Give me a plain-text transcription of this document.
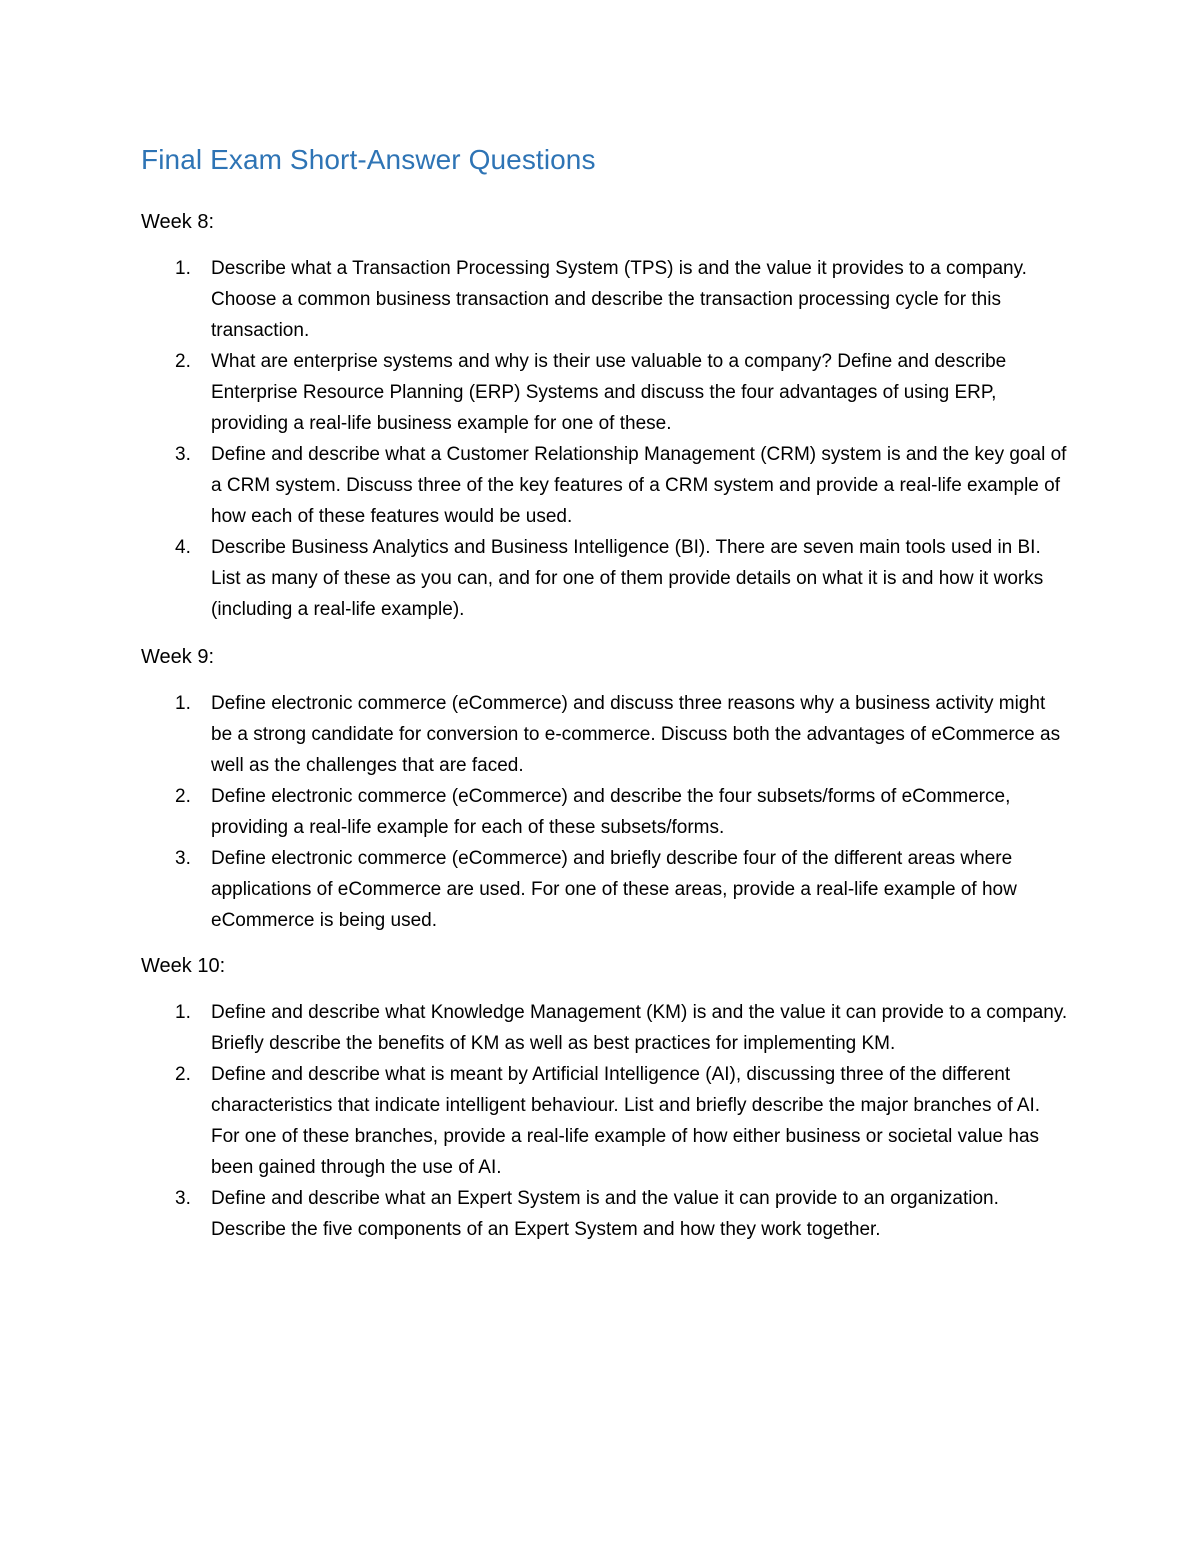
Final Exam Short-Answer Questions

Week 8:

1.	Describe what a Transaction Processing System (TPS) is and the value it provides to a company. Choose a common business transaction and describe the transaction processing cycle for this transaction.
2.	What are enterprise systems and why is their use valuable to a company? Define and describe Enterprise Resource Planning (ERP) Systems and discuss the four advantages of using ERP, providing a real-life business example for one of these.
3.	Define and describe what a Customer Relationship Management (CRM) system is and the key goal of a CRM system. Discuss three of the key features of a CRM system and provide a real-life example of how each of these features would be used.
4.	Describe Business Analytics and Business Intelligence (BI). There are seven main tools used in BI. List as many of these as you can, and for one of them provide details on what it is and how it works (including a real-life example).

Week 9:

1.	Define electronic commerce (eCommerce) and discuss three reasons why a business activity might be a strong candidate for conversion to e-commerce. Discuss both the advantages of eCommerce as well as the challenges that are faced.
2.	Define electronic commerce (eCommerce) and describe the four subsets/forms of eCommerce, providing a real-life example for each of these subsets/forms.
3.	Define electronic commerce (eCommerce) and briefly describe four of the different areas where applications of eCommerce are used. For one of these areas, provide a real-life example of how eCommerce is being used.

Week 10:

1.	Define and describe what Knowledge Management (KM) is and the value it can provide to a company. Briefly describe the benefits of KM as well as best practices for implementing KM.
2.	Define and describe what is meant by Artificial Intelligence (AI), discussing three of the different characteristics that indicate intelligent behaviour. List and briefly describe the major branches of AI. For one of these branches, provide a real-life example of how either business or societal value has been gained through the use of AI.
3.	Define and describe what an Expert System is and the value it can provide to an organization. Describe the five components of an Expert System and how they work together.
